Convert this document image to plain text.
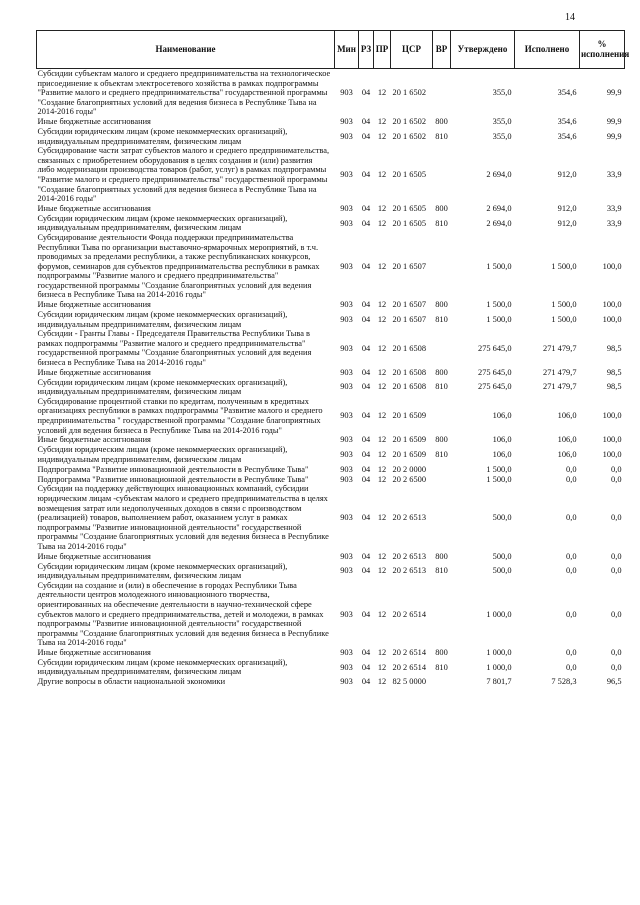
14
Наименование	Мин	РЗ	ПР	ЦСР	ВР	Утверждено	Исполнено	% исполнения
Субсидии субъектам малого и среднего предпринимательства на технологическое присоединение к объектам электросетевого хозяйства в рамках подпрограммы "Развитие малого и среднего предпринимательства" государственной программы "Создание благоприятных условий для ведения бизнеса в Республике Тыва на 2014-2016 годы"	903	04	12	20 1 6502		355,0	354,6	99,9
Иные бюджетные ассигнования	903	04	12	20 1 6502	800	355,0	354,6	99,9
Субсидии юридическим лицам (кроме некоммерческих организаций), индивидуальным предпринимателям, физическим лицам	903	04	12	20 1 6502	810	355,0	354,6	99,9
Субсидирование части затрат субъектов малого и среднего предпринимательства, связанных с приобретением оборудования в целях создания и (или) развития либо модернизации производства товаров (работ, услуг) в рамках подпрограммы "Развитие малого и среднего предпринимательства" государственной программы "Создание благоприятных условий для ведения бизнеса в Республике Тыва на 2014-2016 годы"	903	04	12	20 1 6505		2 694,0	912,0	33,9
Иные бюджетные ассигнования	903	04	12	20 1 6505	800	2 694,0	912,0	33,9
Субсидии юридическим лицам (кроме некоммерческих организаций), индивидуальным предпринимателям, физическим лицам	903	04	12	20 1 6505	810	2 694,0	912,0	33,9
Субсидирование деятельности Фонда поддержки предпринимательства Республики Тыва по организации выставочно-ярмарочных мероприятий, в т.ч. проводимых за пределами республики, а также республиканских конкурсов, форумов, семинаров для субъектов предпринимательства республики в рамках подпрограммы "Развитие малого и среднего предпринимательства" государственной программы "Создание благоприятных условий для ведения бизнеса в Республике Тыва на 2014-2016 годы"	903	04	12	20 1 6507		1 500,0	1 500,0	100,0
Иные бюджетные ассигнования	903	04	12	20 1 6507	800	1 500,0	1 500,0	100,0
Субсидии юридическим лицам (кроме некоммерческих организаций), индивидуальным предпринимателям, физическим лицам	903	04	12	20 1 6507	810	1 500,0	1 500,0	100,0
Субсидии - Гранты Главы - Председателя Правительства Республики Тыва в рамках подпрограммы "Развитие малого и среднего предпринимательства" государственной программы "Создание благоприятных условий для ведения бизнеса в Республике Тыва на 2014-2016 годы"	903	04	12	20 1 6508		275 645,0	271 479,7	98,5
Иные бюджетные ассигнования	903	04	12	20 1 6508	800	275 645,0	271 479,7	98,5
Субсидии юридическим лицам (кроме некоммерческих организаций), индивидуальным предпринимателям, физическим лицам	903	04	12	20 1 6508	810	275 645,0	271 479,7	98,5
Субсидирование процентной ставки по кредитам, полученным в кредитных организациях республики в рамках подпрограммы "Развитие малого и среднего предпринимательства " государственной программы "Создание благоприятных условий для ведения бизнеса в Республике Тыва на 2014-2016 годы"	903	04	12	20 1 6509		106,0	106,0	100,0
Иные бюджетные ассигнования	903	04	12	20 1 6509	800	106,0	106,0	100,0
Субсидии юридическим лицам (кроме некоммерческих организаций), индивидуальным предпринимателям, физическим лицам	903	04	12	20 1 6509	810	106,0	106,0	100,0
Подпрограмма "Развитие инновационной деятельности в Республике Тыва"	903	04	12	20 2 0000		1 500,0	0,0	0,0
Подпрограмма "Развитие инновационной деятельности в Республике Тыва"	903	04	12	20 2 6500		1 500,0	0,0	0,0
Субсидии на поддержку действующих инновационных компаний, субсидии юридическим лицам -субъектам малого и среднего предпринимательства в целях возмещения затрат или недополученных доходов в связи с производством (реализацией) товаров, выполнением работ, оказанием услуг в рамках подпрограммы "Развитие инновационной деятельности" государственной программы "Создание благоприятных условий для ведения бизнеса в Республике Тыва на 2014-2016 годы"	903	04	12	20 2 6513		500,0	0,0	0,0
Иные бюджетные ассигнования	903	04	12	20 2 6513	800	500,0	0,0	0,0
Субсидии юридическим лицам (кроме некоммерческих организаций), индивидуальным предпринимателям, физическим лицам	903	04	12	20 2 6513	810	500,0	0,0	0,0
Субсидии на создание и (или) в обеспечение в городах Республики Тыва деятельности центров молодежного инновационного творчества, ориентированных на обеспечение деятельности в научно-технической сфере субъектов малого и среднего предпринимательства, детей и молодежи, в рамках подпрограммы "Развитие инновационной деятельности" государственной программы "Создание благоприятных условий для ведения бизнеса в Республике Тыва на 2014-2016 годы"	903	04	12	20 2 6514		1 000,0	0,0	0,0
Иные бюджетные ассигнования	903	04	12	20 2 6514	800	1 000,0	0,0	0,0
Субсидии юридическим лицам (кроме некоммерческих организаций), индивидуальным предпринимателям, физическим лицам	903	04	12	20 2 6514	810	1 000,0	0,0	0,0
Другие вопросы в области национальной экономики	903	04	12	82 5 0000		7 801,7	7 528,3	96,5
